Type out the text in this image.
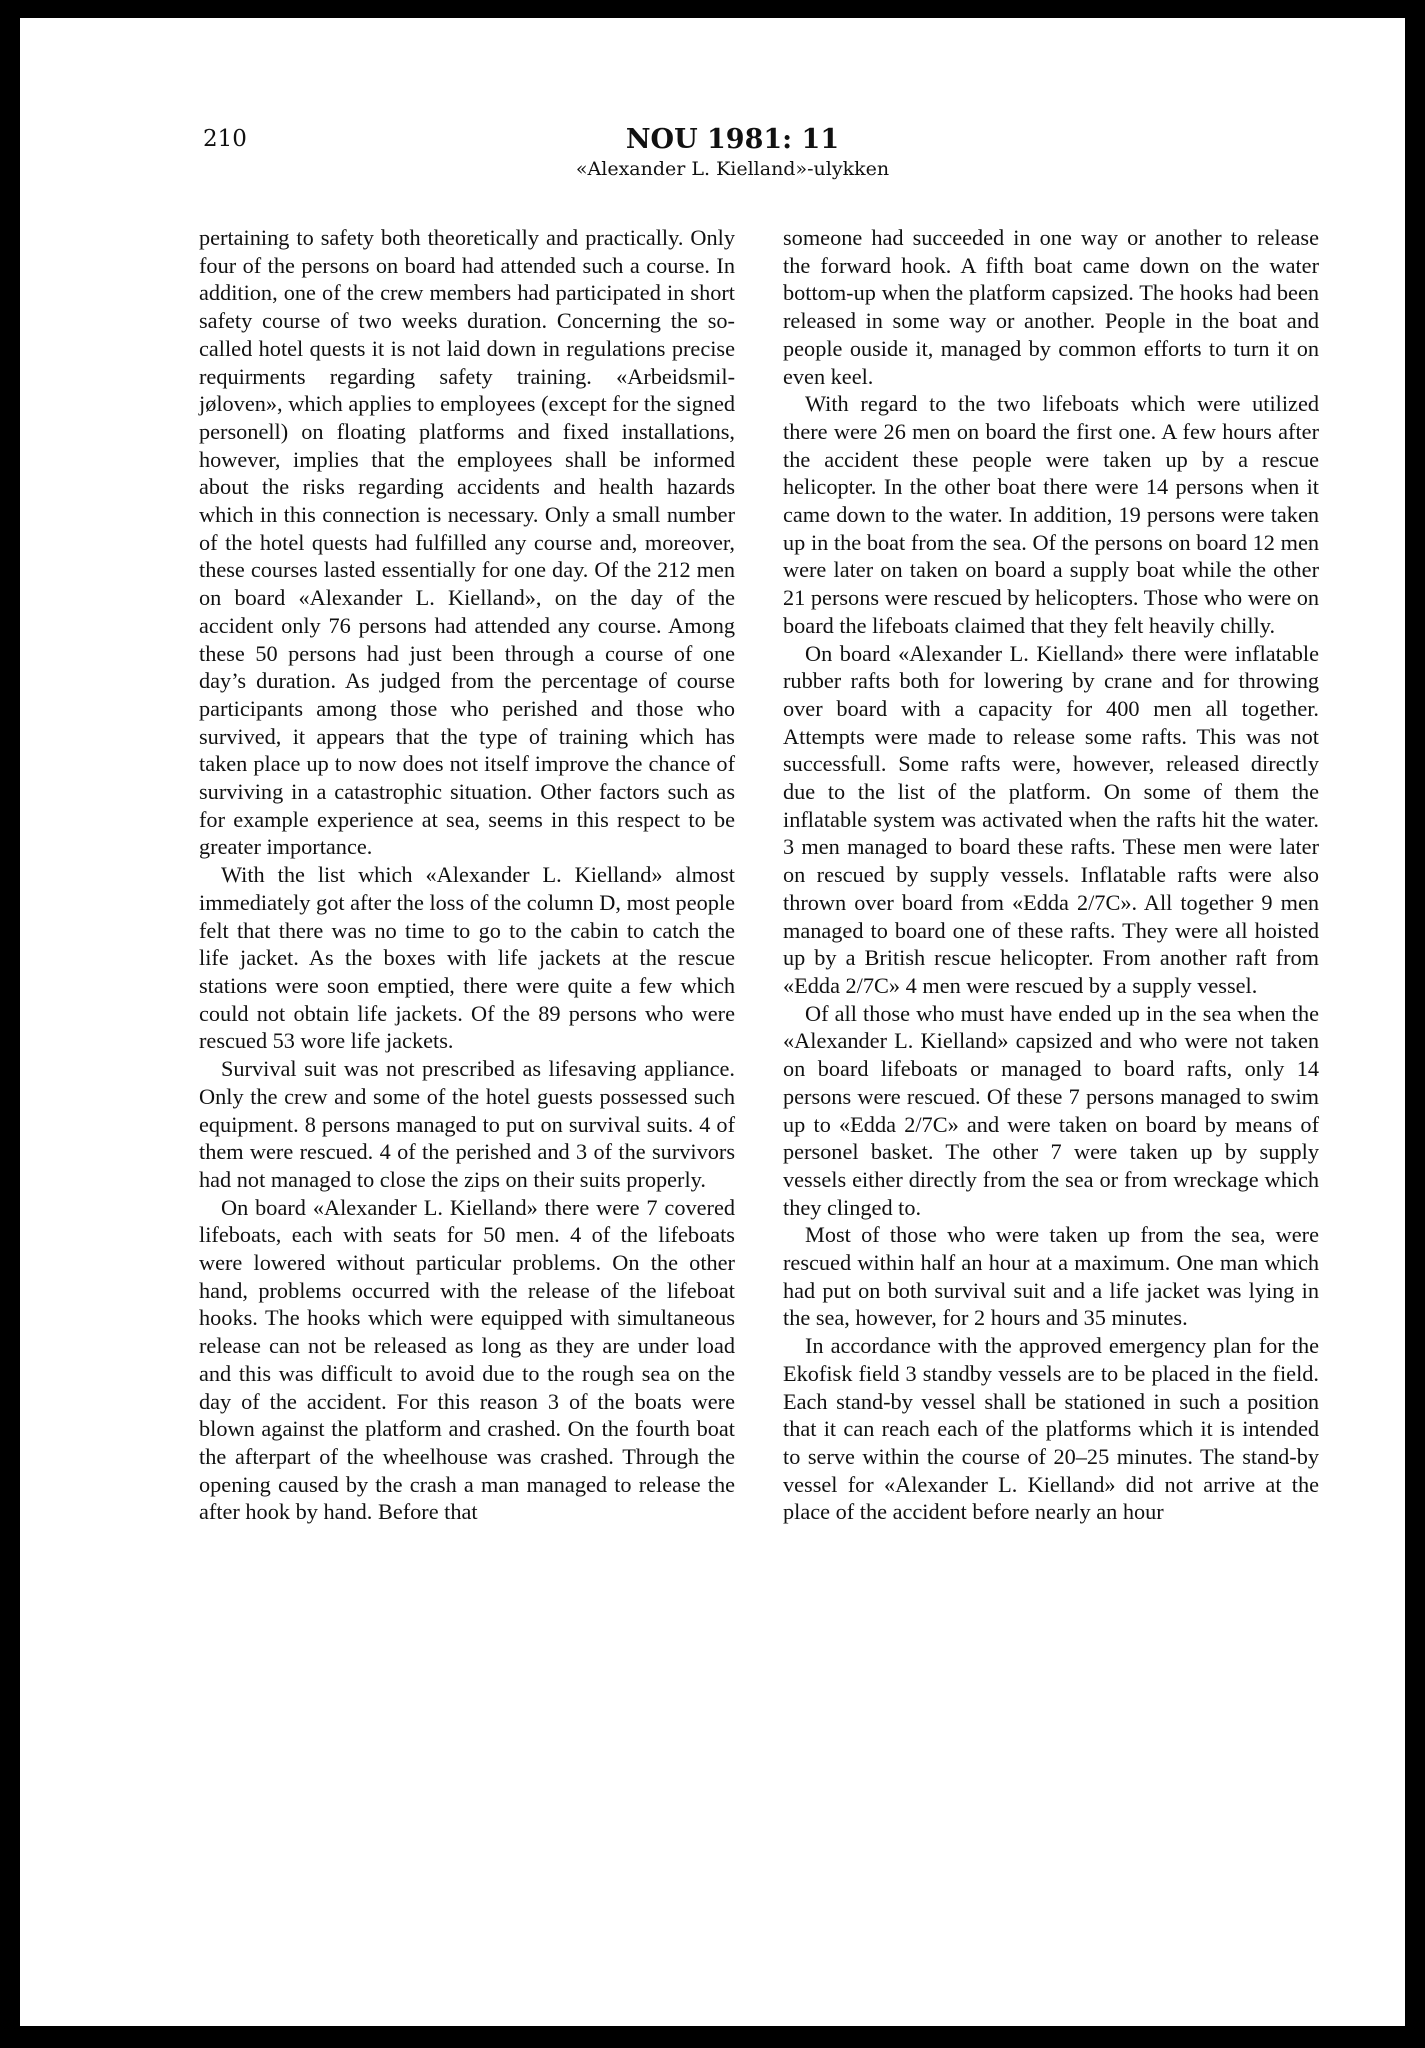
210	NOU 1981: 11
«Alexander L. Kielland»-ulykken

pertaining to safety both theoretically and practically. Only four of the persons on board had attended such a course. In addition, one of the crew members had participated in short safety course of two weeks duration. Concerning the so-called hotel quests it is not laid down in regulations precise requirments regarding safety training. «Arbeidsmiljøloven», which applies to employees (except for the signed personell) on floating platforms and fixed installations, however, implies that the employees shall be informed about the risks regarding accidents and health hazards which in this connection is necessary. Only a small number of the hotel quests had fulfilled any course and, moreover, these courses lasted essentially for one day. Of the 212 men on board «Alexander L. Kielland», on the day of the accident only 76 persons had attended any course. Among these 50 persons had just been through a course of one day’s duration. As judged from the percentage of course participants among those who perished and those who survived, it appears that the type of training which has taken place up to now does not itself improve the chance of surviving in a catastrophic situation. Other factors such as for example experience at sea, seems in this respect to be greater importance.

With the list which «Alexander L. Kielland» almost immediately got after the loss of the column D, most people felt that there was no time to go to the cabin to catch the life jacket. As the boxes with life jackets at the rescue stations were soon emptied, there were quite a few which could not obtain life jackets. Of the 89 persons who were rescued 53 wore life jackets.

Survival suit was not prescribed as lifesaving appliance. Only the crew and some of the hotel guests possessed such equipment. 8 persons managed to put on survival suits. 4 of them were rescued. 4 of the perished and 3 of the survivors had not managed to close the zips on their suits properly.

On board «Alexander L. Kielland» there were 7 covered lifeboats, each with seats for 50 men. 4 of the lifeboats were lowered without particular problems. On the other hand, problems occurred with the release of the lifeboat hooks. The hooks which were equipped with simultaneous release can not be released as long as they are under load and this was difficult to avoid due to the rough sea on the day of the accident. For this reason 3 of the boats were blown against the platform and crashed. On the fourth boat the afterpart of the wheelhouse was crashed. Through the opening caused by the crash a man managed to release the after hook by hand. Before that

someone had succeeded in one way or another to release the forward hook. A fifth boat came down on the water bottom-up when the platform capsized. The hooks had been released in some way or another. People in the boat and people ouside it, managed by common efforts to turn it on even keel.

With regard to the two lifeboats which were utilized there were 26 men on board the first one. A few hours after the accident these people were taken up by a rescue helicopter. In the other boat there were 14 persons when it came down to the water. In addition, 19 persons were taken up in the boat from the sea. Of the persons on board 12 men were later on taken on board a supply boat while the other 21 persons were rescued by helicopters. Those who were on board the lifeboats claimed that they felt heavily chilly.

On board «Alexander L. Kielland» there were inflatable rubber rafts both for lowering by crane and for throwing over board with a capacity for 400 men all together. Attempts were made to release some rafts. This was not successfull. Some rafts were, however, released directly due to the list of the platform. On some of them the inflatable system was activated when the rafts hit the water. 3 men managed to board these rafts. These men were later on rescued by supply vessels. Inflatable rafts were also thrown over board from «Edda 2/7C». All together 9 men managed to board one of these rafts. They were all hoisted up by a British rescue helicopter. From another raft from «Edda 2/7C» 4 men were rescued by a supply vessel.

Of all those who must have ended up in the sea when the «Alexander L. Kielland» capsized and who were not taken on board lifeboats or managed to board rafts, only 14 persons were rescued. Of these 7 persons managed to swim up to «Edda 2/7C» and were taken on board by means of personel basket. The other 7 were taken up by supply vessels either directly from the sea or from wreckage which they clinged to.

Most of those who were taken up from the sea, were rescued within half an hour at a maximum. One man which had put on both survival suit and a life jacket was lying in the sea, however, for 2 hours and 35 minutes.

In accordance with the approved emergency plan for the Ekofisk field 3 standby vessels are to be placed in the field. Each stand-by vessel shall be stationed in such a position that it can reach each of the platforms which it is intended to serve within the course of 20–25 minutes. The stand-by vessel for «Alexander L. Kielland» did not arrive at the place of the accident before nearly an hour
